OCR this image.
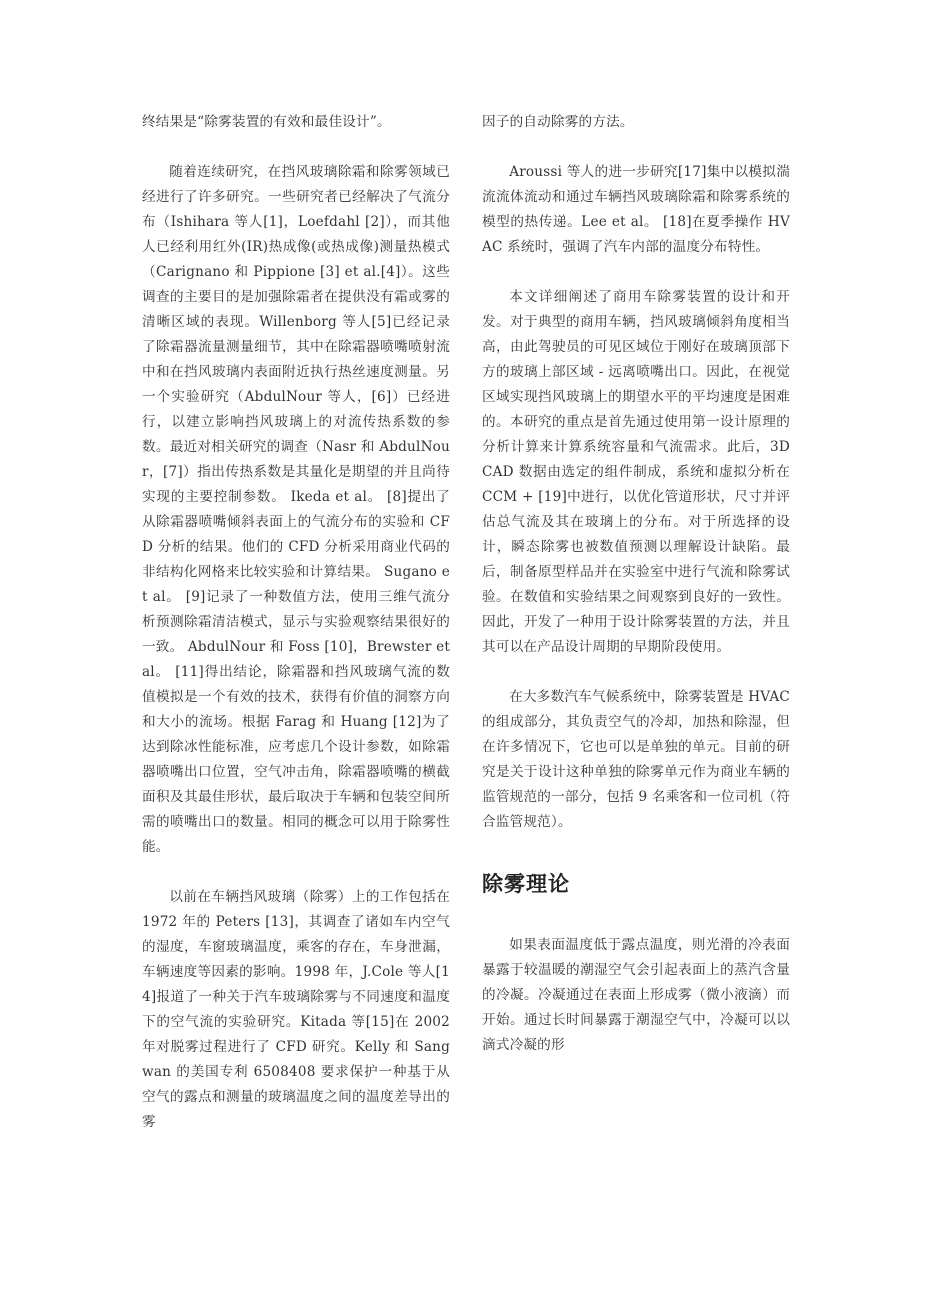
终结果是“除雾装置的有效和最佳设计”。

随着连续研究，在挡风玻璃除霜和除雾领域已经进行了许多研究。一些研究者已经解决了气流分布（Ishihara 等人[1]，Loefdahl [2]），而其他人已经利用红外(IR)热成像(或热成像)测量热模式（Carignano 和 Pippione [3] et al.[4]）。这些调查的主要目的是加强除霜者在提供没有霜或雾的清晰区域的表现。Willenborg 等人[5]已经记录了除霜器流量测量细节，其中在除霜器喷嘴喷射流中和在挡风玻璃内表面附近执行热丝速度测量。另一个实验研究（AbdulNour 等人，[6]）已经进行，以建立影响挡风玻璃上的对流传热系数的参数。最近对相关研究的调查（Nasr 和 AbdulNour，[7]）指出传热系数是其量化是期望的并且尚待实现的主要控制参数。 Ikeda et al。 [8]提出了从除霜器喷嘴倾斜表面上的气流分布的实验和 CFD 分析的结果。他们的 CFD 分析采用商业代码的非结构化网格来比较实验和计算结果。 Sugano et al。 [9]记录了一种数值方法，使用三维气流分析预测除霜清洁模式，显示与实验观察结果很好的一致。 AbdulNour 和 Foss [10]，Brewster et al。 [11]得出结论，除霜器和挡风玻璃气流的数值模拟是一个有效的技术，获得有价值的洞察方向和大小的流场。根据 Farag 和 Huang [12]为了达到除冰性能标准，应考虑几个设计参数，如除霜器喷嘴出口位置，空气冲击角，除霜器喷嘴的横截面积及其最佳形状，最后取决于车辆和包装空间所需的喷嘴出口的数量。相同的概念可以用于除雾性能。

以前在车辆挡风玻璃（除雾）上的工作包括在 1972 年的 Peters [13]，其调查了诸如车内空气的湿度，车窗玻璃温度，乘客的存在，车身泄漏，车辆速度等因素的影响。1998 年，J.Cole 等人[14]报道了一种关于汽车玻璃除雾与不同速度和温度下的空气流的实验研究。Kitada 等[15]在 2002 年对脱雾过程进行了 CFD 研究。Kelly 和 Sangwan 的美国专利 6508408 要求保护一种基于从空气的露点和测量的玻璃温度之间的温度差导出的雾

因子的自动除雾的方法。

Aroussi 等人的进一步研究[17]集中以模拟湍流流体流动和通过车辆挡风玻璃除霜和除雾系统的模型的热传递。Lee et al。 [18]在夏季操作 HVAC 系统时，强调了汽车内部的温度分布特性。

本文详细阐述了商用车除雾装置的设计和开发。对于典型的商用车辆，挡风玻璃倾斜角度相当高，由此驾驶员的可见区域位于刚好在玻璃顶部下方的玻璃上部区域 - 远离喷嘴出口。因此，在视觉区域实现挡风玻璃上的期望水平的平均速度是困难的。本研究的重点是首先通过使用第一设计原理的分析计算来计算系统容量和气流需求。此后，3D CAD 数据由选定的组件制成，系统和虚拟分析在 CCM + [19]中进行，以优化管道形状，尺寸并评估总气流及其在玻璃上的分布。对于所选择的设计，瞬态除雾也被数值预测以理解设计缺陷。最后，制备原型样品并在实验室中进行气流和除雾试验。在数值和实验结果之间观察到良好的一致性。因此，开发了一种用于设计除雾装置的方法，并且其可以在产品设计周期的早期阶段使用。

在大多数汽车气候系统中，除雾装置是 HVAC 的组成部分，其负责空气的冷却，加热和除湿，但在许多情况下，它也可以是单独的单元。目前的研究是关于设计这种单独的除雾单元作为商业车辆的监管规范的一部分，包括 9 名乘客和一位司机（符合监管规范）。

除雾理论

如果表面温度低于露点温度，则光滑的冷表面暴露于较温暖的潮湿空气会引起表面上的蒸汽含量的冷凝。冷凝通过在表面上形成雾（微小液滴）而开始。通过长时间暴露于潮湿空气中，冷凝可以以滴式冷凝的形
